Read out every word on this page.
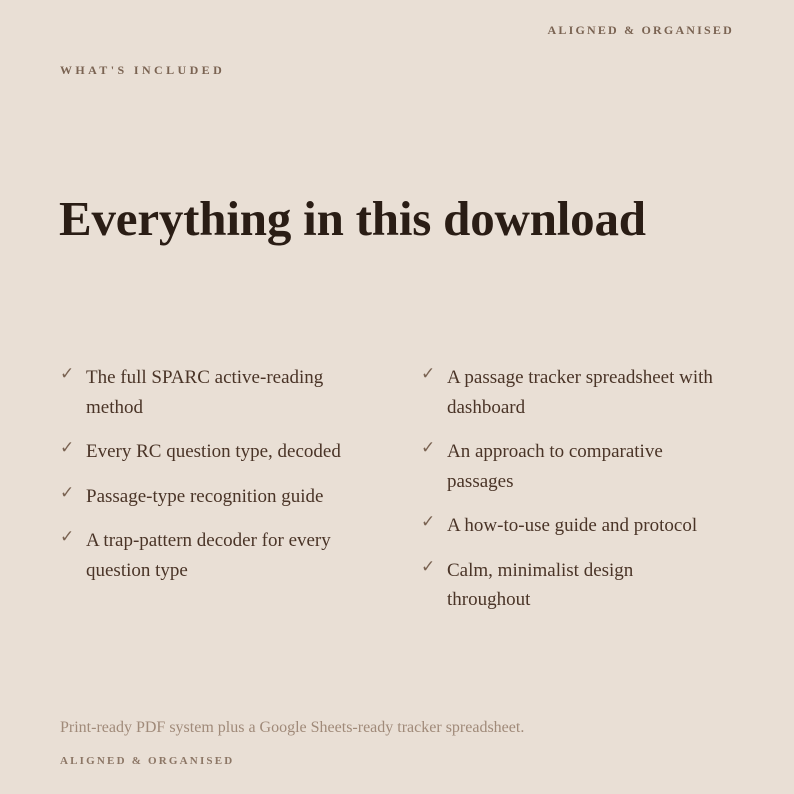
ALIGNED & ORGANISED
WHAT'S INCLUDED
Everything in this download
✓ The full SPARC active-reading method
✓ Every RC question type, decoded
✓ Passage-type recognition guide
✓ A trap-pattern decoder for every question type
✓ A passage tracker spreadsheet with dashboard
✓ An approach to comparative passages
✓ A how-to-use guide and protocol
✓ Calm, minimalist design throughout

Print-ready PDF system plus a Google Sheets-ready tracker spreadsheet.

ALIGNED & ORGANISED
